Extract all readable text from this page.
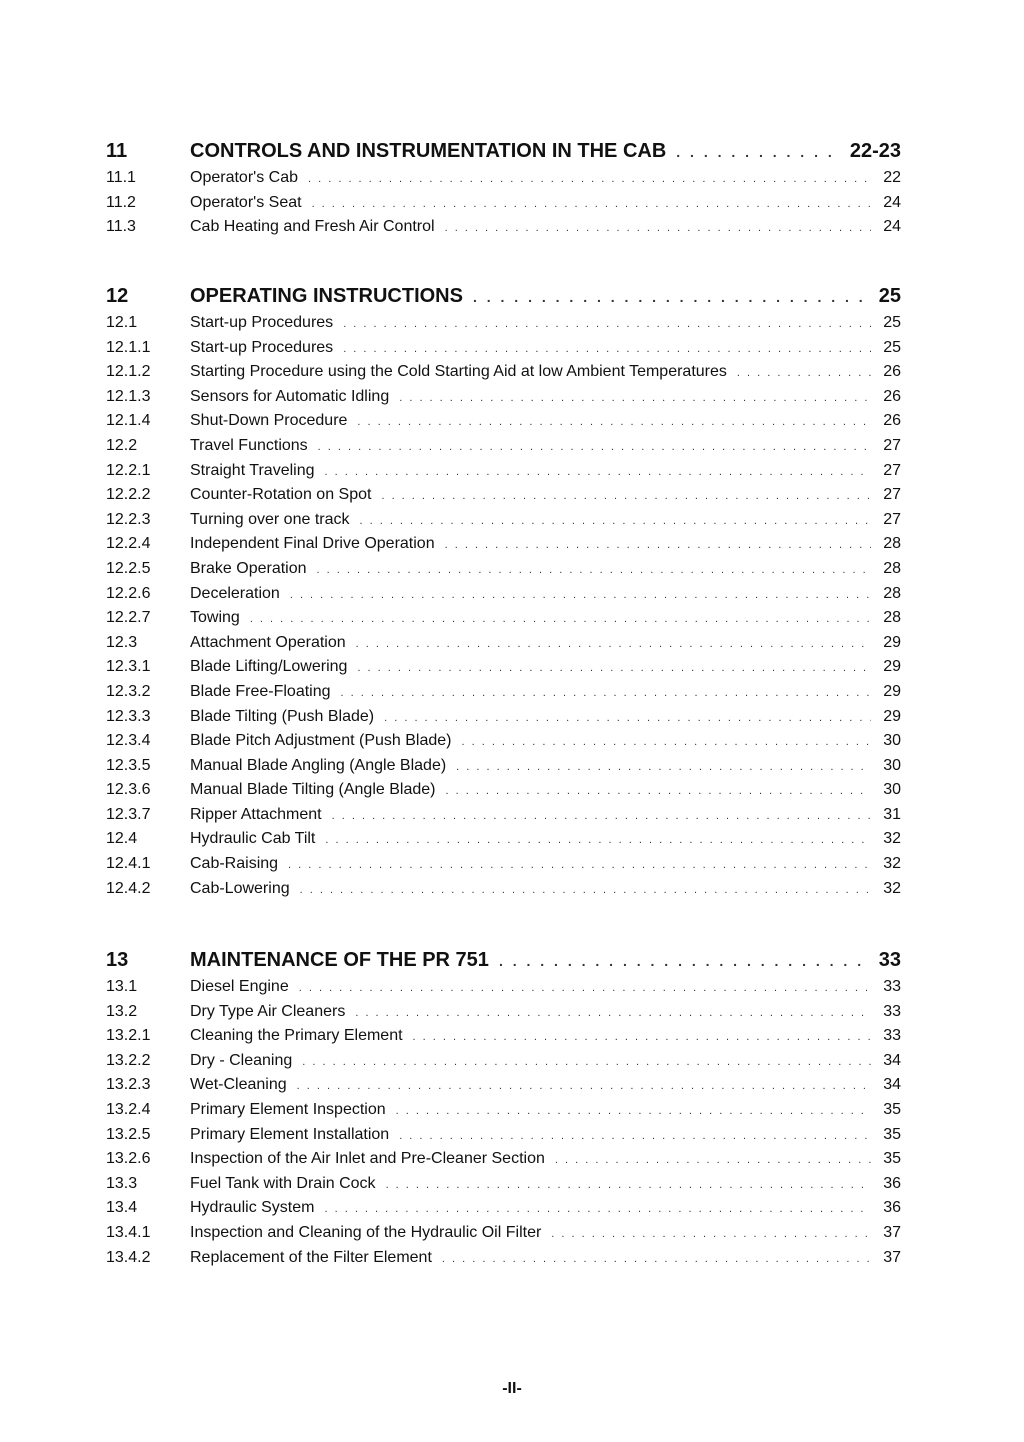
11	CONTROLS AND INSTRUMENTATION IN THE CAB . . .	22-23
11.1	Operator's Cab . . .	22
11.2	Operator's Seat . . .	24
11.3	Cab Heating and Fresh Air Control . . .	24
12	OPERATING INSTRUCTIONS . . .	25
12.1	Start-up Procedures . . .	25
12.1.1	Start-up Procedures . . .	25
12.1.2	Starting Procedure using the Cold Starting Aid at low Ambient Temperatures . . .	26
12.1.3	Sensors for Automatic Idling . . .	26
12.1.4	Shut-Down Procedure . . .	26
12.2	Travel Functions . . .	27
12.2.1	Straight Traveling . . .	27
12.2.2	Counter-Rotation on Spot . . .	27
12.2.3	Turning over one track . . .	27
12.2.4	Independent Final Drive Operation . . .	28
12.2.5	Brake Operation . . .	28
12.2.6	Deceleration . . .	28
12.2.7	Towing . . .	28
12.3	Attachment Operation . . .	29
12.3.1	Blade Lifting/Lowering . . .	29
12.3.2	Blade Free-Floating . . .	29
12.3.3	Blade Tilting (Push Blade) . . .	29
12.3.4	Blade Pitch Adjustment (Push Blade) . . .	30
12.3.5	Manual Blade Angling (Angle Blade) . . .	30
12.3.6	Manual Blade Tilting (Angle Blade) . . .	30
12.3.7	Ripper Attachment . . .	31
12.4	Hydraulic Cab Tilt . . .	32
12.4.1	Cab-Raising . . .	32
12.4.2	Cab-Lowering . . .	32
13	MAINTENANCE OF THE PR 751 . . .	33
13.1	Diesel Engine . . .	33
13.2	Dry Type Air Cleaners . . .	33
13.2.1	Cleaning the Primary Element . . .	33
13.2.2	Dry - Cleaning . . .	34
13.2.3	Wet-Cleaning . . .	34
13.2.4	Primary Element Inspection . . .	35
13.2.5	Primary Element Installation . . .	35
13.2.6	Inspection of the Air Inlet and Pre-Cleaner Section . . .	35
13.3	Fuel Tank with Drain Cock . . .	36
13.4	Hydraulic System . . .	36
13.4.1	Inspection and Cleaning of the Hydraulic Oil Filter . . .	37
13.4.2	Replacement of the Filter Element . . .	37
-II-
